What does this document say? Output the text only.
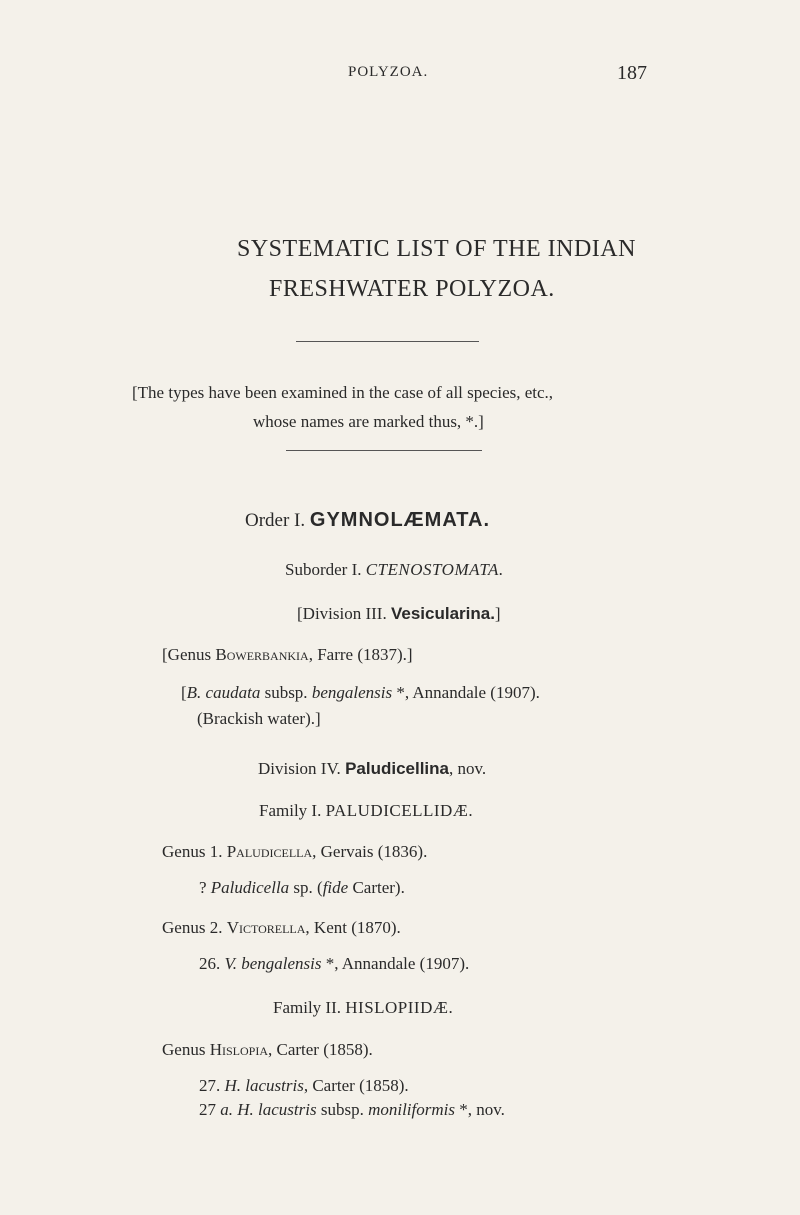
POLYZOA.	187
SYSTEMATIC LIST OF THE INDIAN
FRESHWATER POLYZOA.
[The types have been examined in the case of all species, etc.,
whose names are marked thus, *.]
Order I. GYMNOLÆMATA.
Suborder I. CTENOSTOMATA.
[Division III. Vesicularina.]
[Genus Bowerbankia, Farre (1837).]
[B. caudata subsp. bengalensis *, Annandale (1907).
(Brackish water).]
Division IV. Paludicellina, nov.
Family I. PALUDICELLIDÆ.
Genus 1. Paludicella, Gervais (1836).
? Paludicella sp. (fide Carter).
Genus 2. Victorella, Kent (1870).
26. V. bengalensis *, Annandale (1907).
Family II. HISLOPIIDÆ.
Genus Hislopia, Carter (1858).
27. H. lacustris, Carter (1858).
27 a. H. lacustris subsp. moniliformis *, nov.
